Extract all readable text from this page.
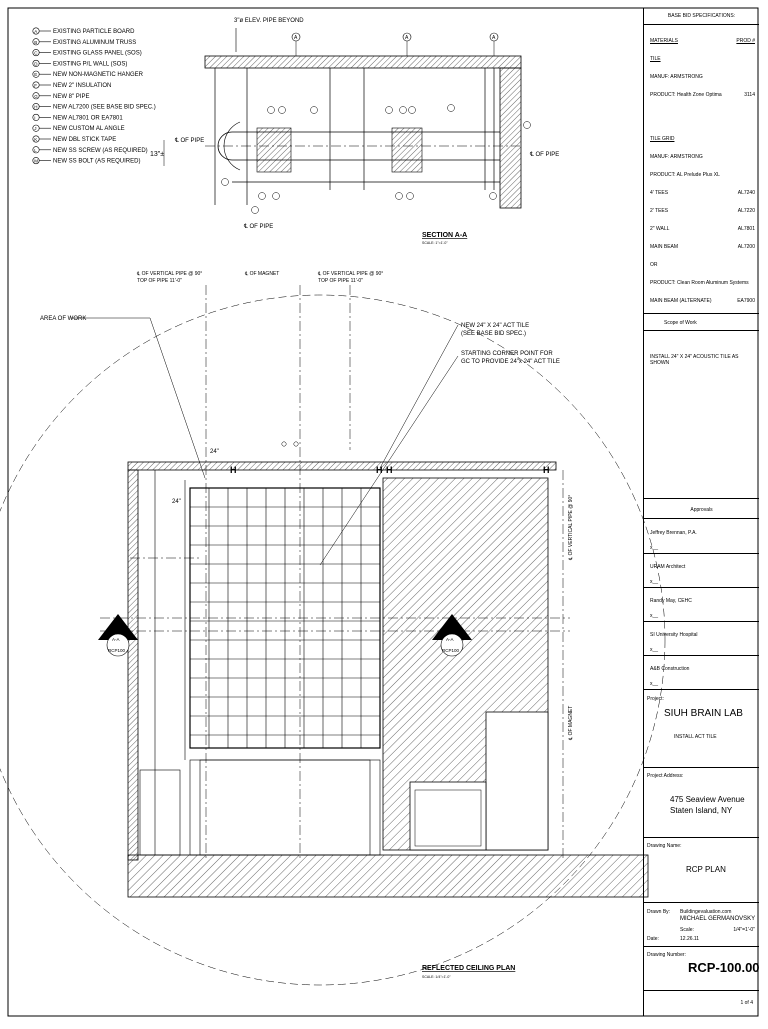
A	EXISTING PARTICLE BOARD
B	EXISTING ALUMINUM TRUSS
C	EXISTING GLASS PANEL (SOS)
D	EXISTING P/L WALL (SOS)
E	NEW NON-MAGNETIC HANGER
F	NEW 2" INSULATION
G	NEW 8" PIPE
H	NEW AL7200 (SEE BASE BID SPEC.)
I	NEW AL7801 OR EA7801
J	NEW CUSTOM AL ANGLE
K	NEW DBL STICK TAPE
L	NEW SS SCREW (AS REQUIRED)
M NEW SS BOLT (AS REQUIRED)
3"ø ELEV. PIPE BEYOND
A	A	A
℄ OF PIPE
13"±	℄ OF PIPE
℄ OF PIPE
SECTION A-A
SCALE: 1"=1'-0"
H	H	H
H
A-A
RCP100
A-A
RCP100
AREA OF WORK
℄ OF VERTICAL PIPE @ 90°
TOP OF PIPE 11'-0"
℄ OF MAGNET	℄ OF VERTICAL PIPE @ 90°
TOP OF PIPE 11'-0"
NEW 24" X 24" ACT TILE
(SEE BASE BID SPEC.)
STARTING CORNER POINT FOR
GC TO PROVIDE 24"x 24" ACT TILE
24"
24"	℄ OF VERTICAL PIPE @ 90°
℄ OF MAGNET
REFLECTED CEILING PLAN
SCALE: 1/4"=1'-0"
BASE BID SPECIFICATIONS:
MATERIALS	PROD #
TILE
MANUF: ARMSTRONG
PRODUCT: Health Zone Optima	3114
TILE GRID
MANUF: ARMSTRONG
PRODUCT: AL Prelude Plus XL
4' TEES	AL7240
2' TEES	AL7220
2" WALL	AL7801
MAIN BEAM	AL7200
OR
PRODUCT: Clean Room Aluminum Systems
MAIN BEAM (ALTERNATE)	EA7900
Scope of Work
INSTALL 24" X 24" ACOUSTIC TILE AS SHOWN
Approvals
Jeffrey Brennan, P.A.
x__
URAM Architect
x__
Randy May, CEHC
x__
SI University Hospital
x__
A&B Construction
x__
Project:
SIUH BRAIN LAB
INSTALL ACT TILE
Project Address:
475 Seaview Avenue
Staten Island, NY
Drawing Name:
RCP PLAN
Drawn By: Buildingevaluation.com
MICHAEL GERMANOVSKY
Scale:	1/4"=1'-0"
Date:	12.26.11
Drawing Number:
RCP-100.00
1 of 4
